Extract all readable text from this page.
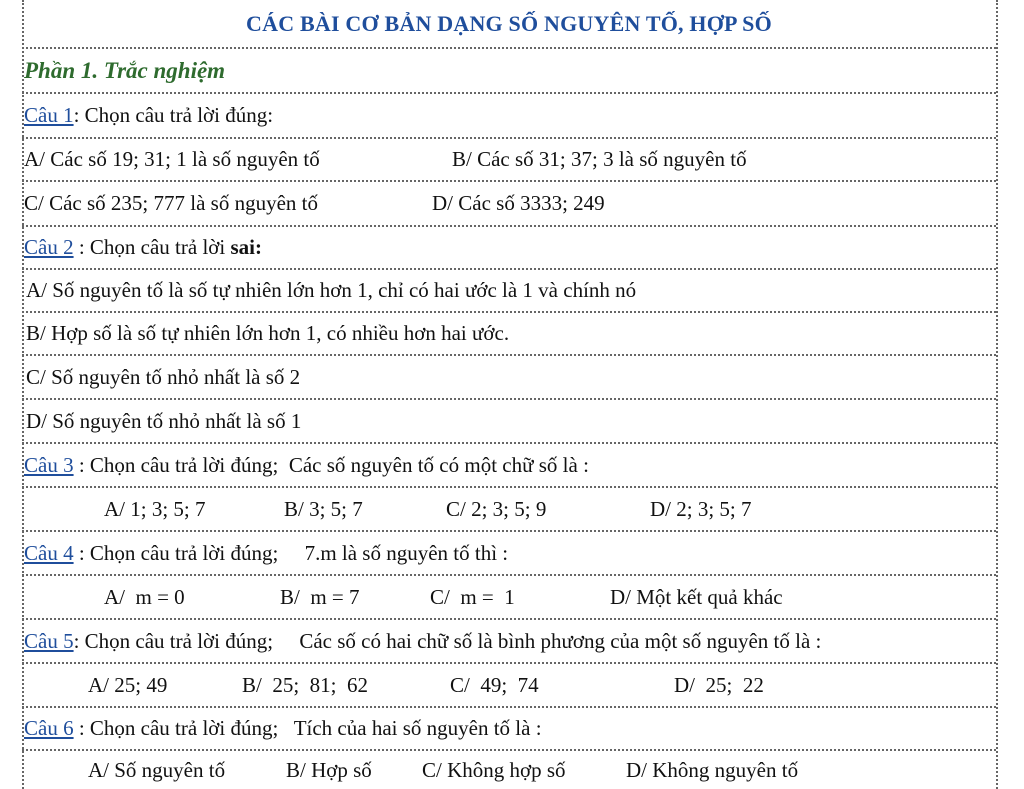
CÁC BÀI CƠ BẢN DẠNG SỐ NGUYÊN TỐ, HỢP SỐ
Phần 1. Trắc nghiệm
Câu 1 : Chọn câu trả lời đúng:
A/ Các số 19; 31; 1 là số nguyên tố	B/ Các số 31; 37; 3 là số nguyên tố
C/ Các số 235; 777 là số nguyên tố	D/ Các số 3333; 249
Câu 2 : Chọn câu trả lời sai:
A/ Số nguyên tố là số tự nhiên lớn hơn 1, chỉ có hai ước là 1 và chính nó
B/ Hợp số là số tự nhiên lớn hơn 1, có nhiều hơn hai ước.
C/ Số nguyên tố nhỏ nhất là số 2
D/ Số nguyên tố nhỏ nhất là số 1
Câu 3 : Chọn câu trả lời đúng;  Các số nguyên tố có một chữ số là :
A/ 1; 3; 5; 7	B/ 3; 5; 7	C/ 2; 3; 5; 9	D/ 2; 3; 5; 7
Câu 4 : Chọn câu trả lời đúng;     7.m là số nguyên tố thì :
A/  m = 0	B/  m = 7	C/  m =  1	D/ Một kết quả khác
Câu 5 : Chọn câu trả lời đúng;     Các số có hai chữ số là bình phương của một số nguyên tố là :
A/ 25; 49	B/  25;  81;  62	C/  49;  74	D/  25;  22
Câu 6 : Chọn câu trả lời đúng;   Tích của hai số nguyên tố là :
A/ Số nguyên tố	B/ Hợp số C/ Không hợp số	D/ Không nguyên tố
